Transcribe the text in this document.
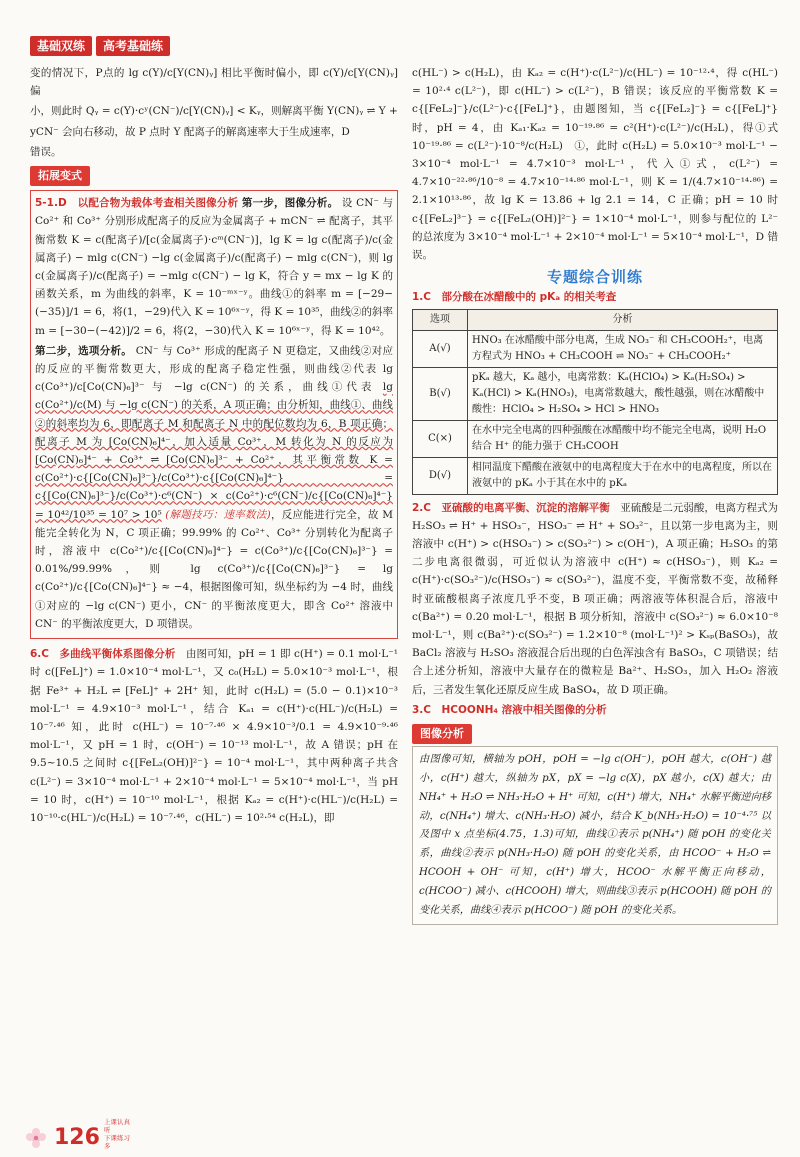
基础双练	高考基础练

变的情况下，P点的 lg c(Y)/c[Y(CN)ᵧ] 相比平衡时偏小，即 c(Y)/c[Y(CN)ᵧ] 偏

小，则此时 Qᵧ = c(Y)·cʸ(CN⁻)/c[Y(CN)ᵧ] < Kᵧ，则解离平衡 Y(CN)ᵧ ⇌ Y +

yCN⁻ 会向右移动，故 P 点时 Y 配离子的解离速率大于生成速率，D

错误。

拓展变式

5-1.D　以配合物为载体考查相关图像分析 第一步，图像分析。 设 CN⁻ 与 Co²⁺ 和 Co³⁺ 分别形成配离子的反应为金属离子 + mCN⁻ ⇌ 配离子，其平衡常数 K = c(配离子)/[c(金属离子)·cᵐ(CN⁻)]，lg K = lg c(配离子)/c(金属离子) − mlg c(CN⁻) −lg c(金属离子)/c(配离子) − mlg c(CN⁻)，则 lg c(金属离子)/c(配离子) = −mlg c(CN⁻) − lg K，符合 y = mx − lg K 的函数关系，m 为曲线的斜率，K = 10⁻ᵐˣ⁻ʸ。曲线①的斜率 m = [−29−(−35)]/1 = 6，将(1，−29)代入 K = 10⁶ˣ⁻ʸ，得 K = 10³⁵，曲线②的斜率 m = [−30−(−42)]/2 = 6，将(2，−30)代入 K = 10⁶ˣ⁻ʸ，得 K = 10⁴²。

第二步，选项分析。 CN⁻ 与 Co³⁺ 形成的配离子 N 更稳定，又曲线②对应的反应的平衡常数更大，形成的配离子稳定性强，则曲线②代表 lg c(Co³⁺)/c[Co(CN)₆]³⁻ 与 −lg c(CN⁻) 的关系，曲线①代表 lg c(Co²⁺)/c(M) 与 −lg c(CN⁻) 的关系，A 项正确；由分析知，曲线①、曲线②的斜率均为 6，即配离子 M 和配离子 N 中的配位数均为 6，B 项正确；配离子 M 为 [Co(CN)₆]⁴⁻，加入适量 Co³⁺，M 转化为 N 的反应为 [Co(CN)₆]⁴⁻ + Co³⁺ ⇌ [Co(CN)₆]³⁻ + Co²⁺，其平衡常数 K = c(Co²⁺)·c{[Co(CN)₆]³⁻}/c(Co³⁺)·c{[Co(CN)₆]⁴⁻} = c{[Co(CN)₆]³⁻}/c(Co³⁺)·c⁶(CN⁻) × c(Co²⁺)·c⁶(CN⁻)/c{[Co(CN)₆]⁴⁻} = 10⁴²/10³⁵ = 10⁷ > 10⁵ (解题技巧：速率数法)，反应能进行完全，故 M 能完全转化为 N，C 项正确；99.99% 的 Co²⁺、Co³⁺ 分别转化为配离子时，溶液中 c(Co²⁺)/c{[Co(CN)₆]⁴⁻} = c(Co³⁺)/c{[Co(CN)₆]³⁻} = 0.01%/99.99%，则 lg c(Co³⁺)/c{[Co(CN)₆]³⁻} = lg c(Co²⁺)/c{[Co(CN)₆]⁴⁻} ≈ −4，根据图像可知，纵坐标约为 −4 时，曲线①对应的 −lg c(CN⁻) 更小，CN⁻ 的平衡浓度更大，即含 Co²⁺ 溶液中 CN⁻ 的平衡浓度更大，D 项错误。

6.C　多曲线平衡体系图像分析　 由图可知，pH = 1 即 c(H⁺) = 0.1 mol·L⁻¹ 时 c([FeL]⁺) = 1.0×10⁻⁴ mol·L⁻¹，又 c₀(H₂L) = 5.0×10⁻³ mol·L⁻¹，根据 Fe³⁺ + H₂L ⇌ [FeL]⁺ + 2H⁺ 知，此时 c(H₂L) = (5.0 − 0.1)×10⁻³ mol·L⁻¹ = 4.9×10⁻³ mol·L⁻¹，结合 Kₐ₁ = c(H⁺)·c(HL⁻)/c(H₂L) = 10⁻⁷·⁴⁶ 知，此时 c(HL⁻) = 10⁻⁷·⁴⁶ × 4.9×10⁻³/0.1 = 4.9×10⁻⁹·⁴⁶ mol·L⁻¹，又 pH = 1 时，c(OH⁻) = 10⁻¹³ mol·L⁻¹，故 A 错误；pH 在 9.5~10.5 之间时 c{[FeL₂(OH)]²⁻} = 10⁻⁴ mol·L⁻¹，其中两种离子共含 c(L²⁻) = 3×10⁻⁴ mol·L⁻¹ + 2×10⁻⁴ mol·L⁻¹ = 5×10⁻⁴ mol·L⁻¹，当 pH = 10 时，c(H⁺) = 10⁻¹⁰ mol·L⁻¹，根据 Kₐ₂ = c(H⁺)·c(HL⁻)/c(H₂L) = 10⁻¹⁰·c(HL⁻)/c(H₂L) = 10⁻⁷·⁴⁶，c(HL⁻) = 10²·⁵⁴ c(H₂L)，即

c(HL⁻) > c(H₂L)，由 Kₐ₂ = c(H⁺)·c(L²⁻)/c(HL⁻) = 10⁻¹²·⁴，得 c(HL⁻) = 10²·⁴ c(L²⁻)，即 c(HL⁻) > c(L²⁻)，B 错误；该反应的平衡常数 K = c{[FeL₂]⁻}/c(L²⁻)·c{[FeL]⁺}，由题图知，当 c{[FeL₂]⁻} = c{[FeL]⁺} 时，pH = 4，由 Kₐ₁·Kₐ₂ = 10⁻¹⁹·⁸⁶ = c²(H⁺)·c(L²⁻)/c(H₂L)，得①式 10⁻¹⁹·⁸⁶ = c(L²⁻)·10⁻⁸/c(H₂L)　①，此时 c(H₂L) = 5.0×10⁻³ mol·L⁻¹ − 3×10⁻⁴ mol·L⁻¹ = 4.7×10⁻³ mol·L⁻¹，代入①式，c(L²⁻) = 4.7×10⁻²²·⁸⁶/10⁻⁸ = 4.7×10⁻¹⁴·⁸⁶ mol·L⁻¹，则 K = 1/(4.7×10⁻¹⁴·⁸⁶) = 2.1×10¹³·⁸⁶，故 lg K = 13.86 + lg 2.1 = 14，C 正确；pH = 10 时 c{[FeL₂]³⁻} = c{[FeL₂(OH)]²⁻} = 1×10⁻⁴ mol·L⁻¹，则参与配位的 L²⁻ 的总浓度为 3×10⁻⁴ mol·L⁻¹ + 2×10⁻⁴ mol·L⁻¹ = 5×10⁻⁴ mol·L⁻¹，D 错误。

专题综合训练

1.C　部分酸在冰醋酸中的 pKₐ 的相关考查

选项	分析
A(√)	HNO₃ 在冰醋酸中部分电离，生成 NO₃⁻ 和 CH₃COOH₂⁺，电离方程式为 HNO₃ + CH₃COOH ⇌ NO₃⁻ + CH₃COOH₂⁺
B(√)	pKₐ 越大，Kₐ 越小，电离常数：Kₐ(HClO₄) > Kₐ(H₂SO₄) > Kₐ(HCl) > Kₐ(HNO₃)，电离常数越大，酸性越强，则在冰醋酸中酸性：HClO₄ > H₂SO₄ > HCl > HNO₃
C(×)	在水中完全电离的四种强酸在冰醋酸中均不能完全电离，说明 H₂O 结合 H⁺ 的能力强于 CH₃COOH
D(√)	相同温度下醋酸在液氨中的电离程度大于在水中的电离程度，所以在液氨中的 pKₐ 小于其在水中的 pKₐ

2.C　亚硫酸的电离平衡、沉淀的溶解平衡　 亚硫酸是二元弱酸，电离方程式为 H₂SO₃ ⇌ H⁺ + HSO₃⁻，HSO₃⁻ ⇌ H⁺ + SO₃²⁻，且以第一步电离为主，则溶液中 c(H⁺) > c(HSO₃⁻) > c(SO₃²⁻) > c(OH⁻)，A 项正确；H₂SO₃ 的第二步电离很微弱，可近似认为溶液中 c(H⁺) ≈ c(HSO₃⁻)，则 Kₐ₂ = c(H⁺)·c(SO₃²⁻)/c(HSO₃⁻) ≈ c(SO₃²⁻)，温度不变，平衡常数不变，故稀释时亚硫酸根离子浓度几乎不变，B 项正确；两溶液等体积混合后，溶液中 c(Ba²⁺) = 0.20 mol·L⁻¹，根据 B 项分析知，溶液中 c(SO₃²⁻) ≈ 6.0×10⁻⁸ mol·L⁻¹，则 c(Ba²⁺)·c(SO₃²⁻) = 1.2×10⁻⁸ (mol·L⁻¹)² > Kₛₚ(BaSO₃)，故 BaCl₂ 溶液与 H₂SO₃ 溶液混合后出现的白色浑浊含有 BaSO₃，C 项错误；结合上述分析知，溶液中大量存在的微粒是 Ba²⁺、H₂SO₃，加入 H₂O₂ 溶液后，三者发生氧化还原反应生成 BaSO₄，故 D 项正确。

3.C　HCOONH₄ 溶液中相关图像的分析

图像分析

由图像可知，横轴为 pOH，pOH = −lg c(OH⁻)，pOH 越大，c(OH⁻) 越小，c(H⁺) 越大，纵轴为 pX，pX = −lg c(X)，pX 越小，c(X) 越大；由 NH₄⁺ + H₂O ⇌ NH₃·H₂O + H⁺ 可知，c(H⁺) 增大，NH₄⁺ 水解平衡逆向移动，c(NH₄⁺) 增大、c(NH₃·H₂O) 减小，结合 K_b(NH₃·H₂O) = 10⁻⁴·⁷⁵ 以及图中 x 点坐标(4.75，1.3)可知，曲线①表示 p(NH₄⁺) 随 pOH 的变化关系，曲线②表示 p(NH₃·H₂O) 随 pOH 的变化关系，由 HCOO⁻ + H₂O ⇌ HCOOH + OH⁻ 可知，c(H⁺) 增大，HCOO⁻ 水解平衡正向移动，c(HCOO⁻) 减小、c(HCOOH) 增大，则曲线③表示 p(HCOOH) 随 pOH 的变化关系，曲线④表示 p(HCOO⁻) 随 pOH 的变化关系。

126
上课认真听
下课练习多
